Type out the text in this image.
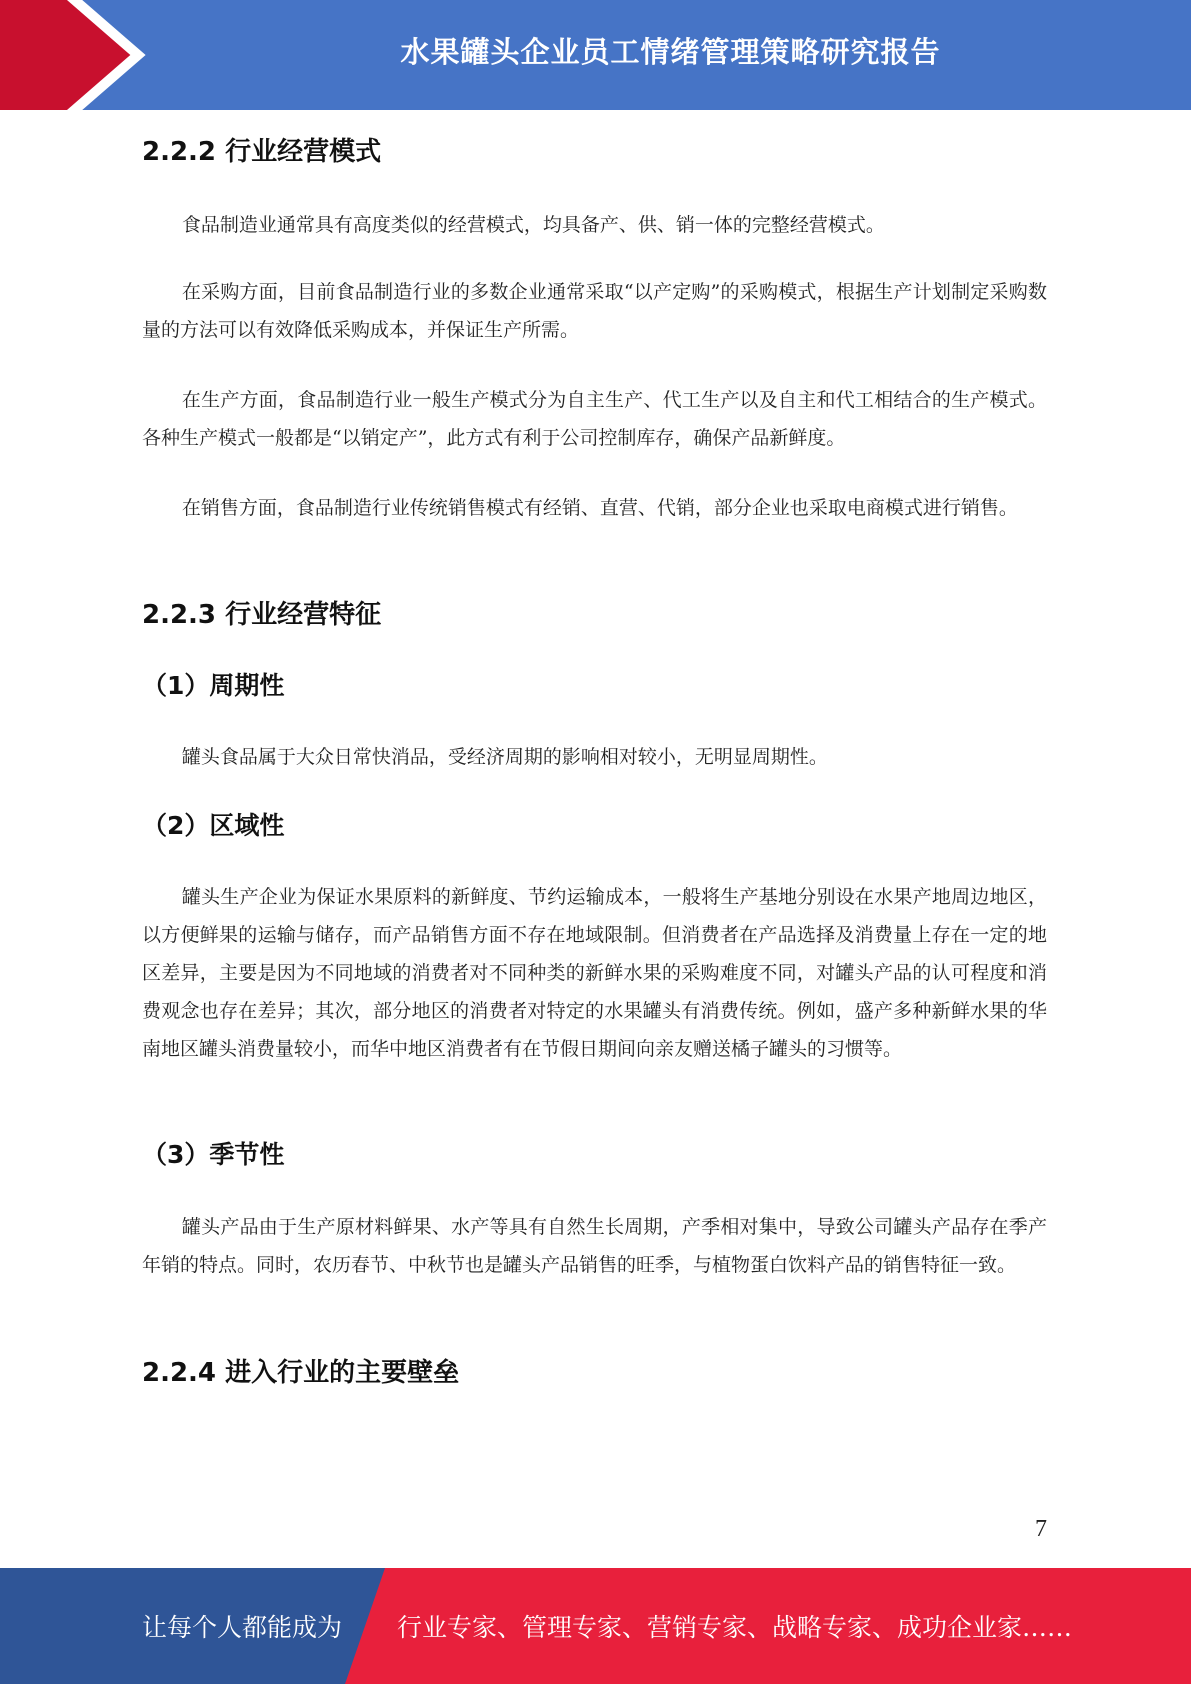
水果罐头企业员工情绪管理策略研究报告
2.2.2 行业经营模式

食品制造业通常具有高度类似的经营模式，均具备产、供、销一体的完整经营模式。

在采购方面，目前食品制造行业的多数企业通常采取“以产定购”的采购模式，根据生产计划制定采购数量的方法可以有效降低采购成本，并保证生产所需。

在生产方面，食品制造行业一般生产模式分为自主生产、代工生产以及自主和代工相结合的生产模式。各种生产模式一般都是“以销定产”，此方式有利于公司控制库存，确保产品新鲜度。

在销售方面，食品制造行业传统销售模式有经销、直营、代销，部分企业也采取电商模式进行销售。

2.2.3 行业经营特征
（1）周期性

罐头食品属于大众日常快消品，受经济周期的影响相对较小，无明显周期性。

（2）区域性

罐头生产企业为保证水果原料的新鲜度、节约运输成本，一般将生产基地分别设在水果产地周边地区，以方便鲜果的运输与储存，而产品销售方面不存在地域限制。但消费者在产品选择及消费量上存在一定的地区差异，主要是因为不同地域的消费者对不同种类的新鲜水果的采购难度不同，对罐头产品的认可程度和消费观念也存在差异；其次，部分地区的消费者对特定的水果罐头有消费传统。例如，盛产多种新鲜水果的华南地区罐头消费量较小，而华中地区消费者有在节假日期间向亲友赠送橘子罐头的习惯等。

（3）季节性

罐头产品由于生产原材料鲜果、水产等具有自然生长周期，产季相对集中，导致公司罐头产品存在季产年销的特点。同时，农历春节、中秋节也是罐头产品销售的旺季，与植物蛋白饮料产品的销售特征一致。

2.2.4 进入行业的主要壁垒
7
让每个人都能成为 行业专家、管理专家、营销专家、战略专家、成功企业家……
